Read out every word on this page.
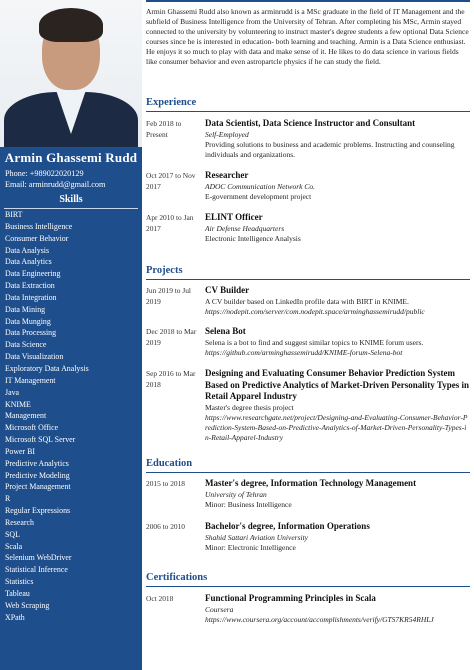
Armin Ghassemi Rudd
Phone: +989022020129
Email: arminrudd@gmail.com
Skills
BIRT
Business Intelligence
Consumer Behavior
Data Analysis
Data Analytics
Data Engineering
Data Extraction
Data Integration
Data Mining
Data Munging
Data Processing
Data Science
Data Visualization
Exploratory Data Analysis
IT Management
Java
KNIME
Management
Microsoft Office
Microsoft SQL Server
Power BI
Predictive Analytics
Predictive Modeling
Project Management
R
Regular Expressions
Research
SQL
Scala
Selenium WebDriver
Statistical Inference
Statistics
Tableau
Web Scraping
XPath

Armin Ghassemi Rudd also known as arminrudd is a MSc graduate in the field of IT Management and the subfield of Business Intelligence from the University of Tehran. After completing his MSc, Armin stayed connected to the university by volunteering to instruct master's degree students a few optional Data Science courses since he is interested in education- both learning and teaching. Armin is a Data Science enthusiast. He enjoys it so much to play with data and make sense of it. He likes to do data science in various fields like consumer behavior and even astropartcle physics if he can study the field.

Experience
Feb 2018 to Present
Data Scientist, Data Science Instructor and Consultant
Self-Employed
Providing solutions to business and academic problems. Instructing and counseling individuals and organizations.
Oct 2017 to Nov 2017
Researcher
ADOC Communication Network Co.
E-government development project
Apr 2010 to Jan 2017
ELINT Officer
Air Defense Headquarters
Electronic Intelligence Analysis
Projects
Jun 2019 to Jul 2019
CV Builder
A CV builder based on LinkedIn profile data with BIRT in KNIME.
https://nodepit.com/server/com.nodepit.space/arminghassemirudd/public
Dec 2018 to Mar 2019
Selena Bot
Selena is a bot to find and suggest similar topics to KNIME forum users.
https://github.com/arminghassemirudd/KNIME-forum-Selena-bot
Sep 2016 to Mar 2018
Designing and Evaluating Consumer Behavior Prediction System Based on Predictive Analytics of Market-Driven Personality Types in Retail Apparel Industry
Master's degree thesis project
https://www.researchgate.net/project/Designing-and-Evaluating-Consumer-Behavior-Prediction-System-Based-on-Predictive-Analytics-of-Market-Driven-Personality-Types-in-Retail-Apparel-Industry
Education
2015 to 2018	Master's degree, Information Technology Management
University of Tehran
Minor: Business Intelligence
2006 to 2010	Bachelor's degree, Information Operations
Shahid Sattari Aviation University
Minor: Electronic Intelligence
Certifications
Oct 2018	Functional Programming Principles in Scala
Coursera
https://www.coursera.org/account/accomplishments/verify/GTS7KR54RHLJ
